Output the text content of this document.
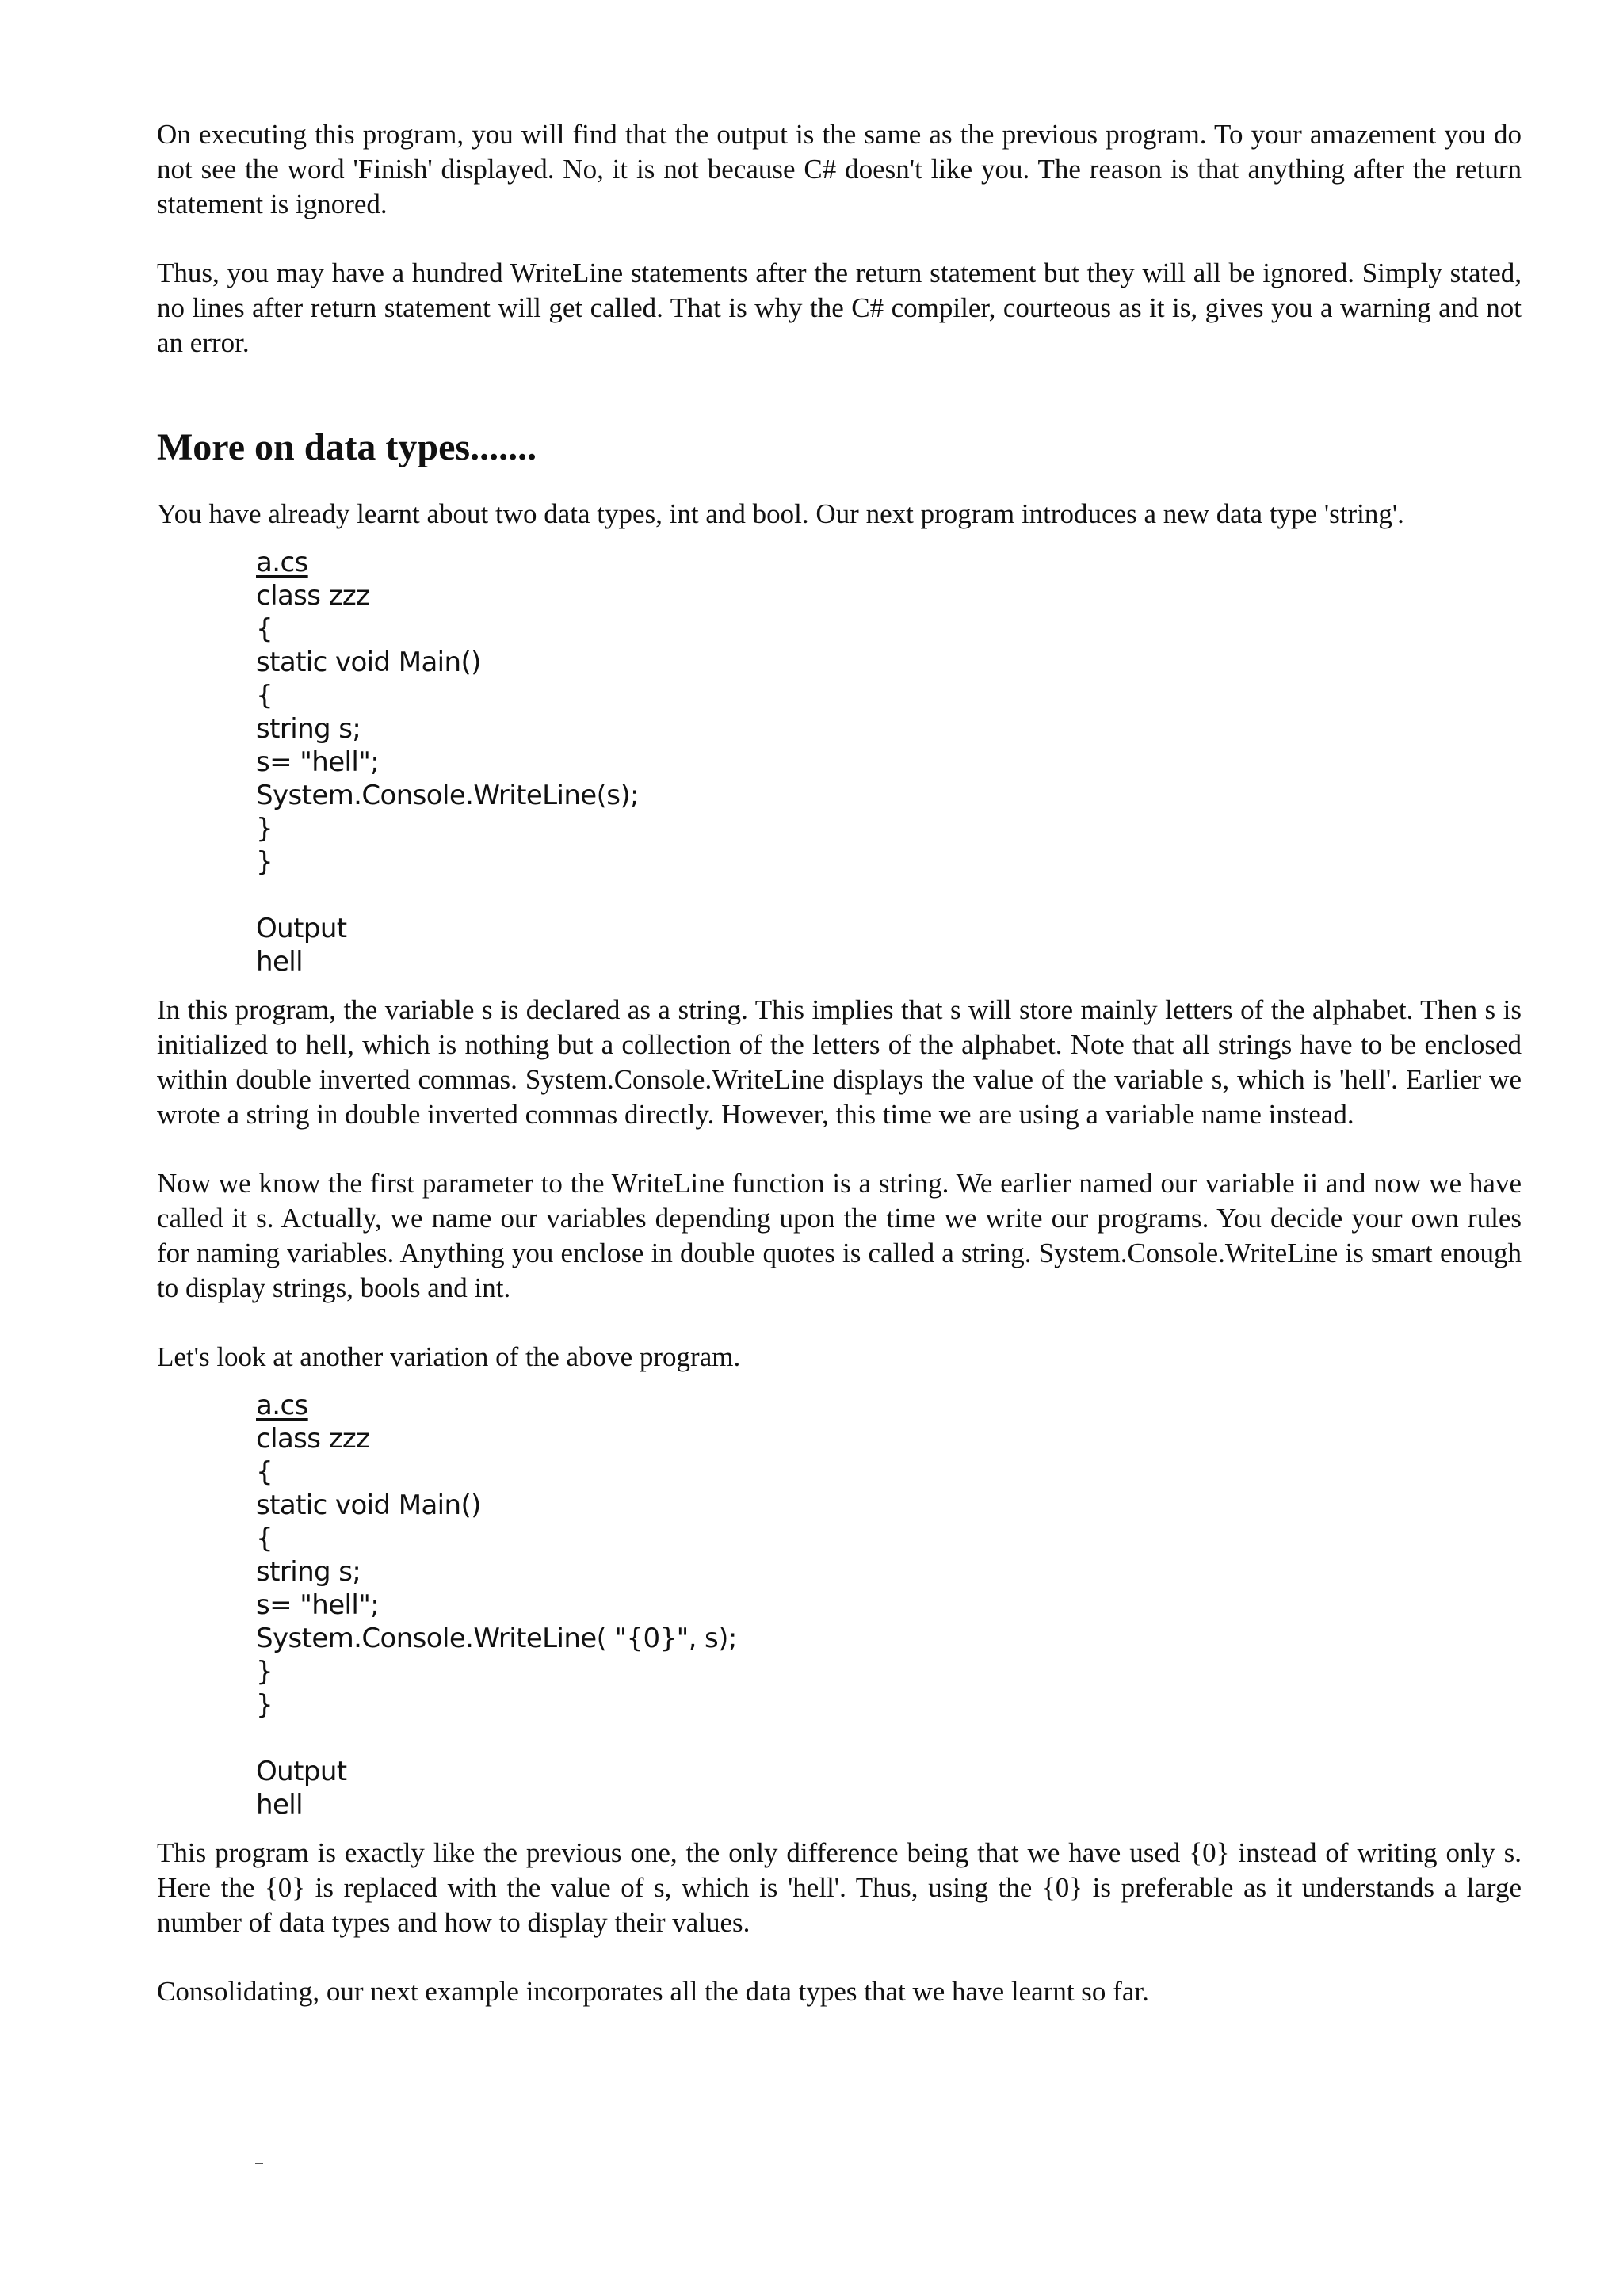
On executing this program, you will find that the output is the same as the previous program. To your amazement you do not see the word 'Finish' displayed. No, it is not because C# doesn't like you. The reason is that anything after the return statement is ignored.

Thus, you may have a hundred WriteLine statements after the return statement but they will all be ignored. Simply stated, no lines after return statement will get called. That is why the C# compiler, courteous as it is, gives you a warning and not an error.

More on data types.......

You have already learnt about two data types, int and bool. Our next program introduces a new data type 'string'.

a.cs
class zzz
{
static void Main()
{
string s;
s= "hell";
System.Console.WriteLine(s);
}
}
Output
hell

In this program, the variable s is declared as a string. This implies that s will store mainly letters of the alphabet. Then s is initialized to hell, which is nothing but a collection of the letters of the alphabet. Note that all strings have to be enclosed within double inverted commas. System.Console.WriteLine displays the value of the variable s, which is 'hell'. Earlier we wrote a string in double inverted commas directly. However, this time we are using a variable name instead.

Now we know the first parameter to the WriteLine function is a string. We earlier named our variable ii and now we have called it s. Actually, we name our variables depending upon the time we write our programs. You decide your own rules for naming variables. Anything you enclose in double quotes is called a string. System.Console.WriteLine is smart enough to display strings, bools and int.

Let's look at another variation of the above program.

a.cs
class zzz
{
static void Main()
{
string s;
s= "hell";
System.Console.WriteLine( "{0}", s);
}
}
Output
hell

This program is exactly like the previous one, the only difference being that we have used {0} instead of writing only s. Here the {0} is replaced with the value of s, which is 'hell'. Thus, using the {0} is preferable as it understands a large number of data types and how to display their values.

Consolidating, our next example incorporates all the data types that we have learnt so far.
